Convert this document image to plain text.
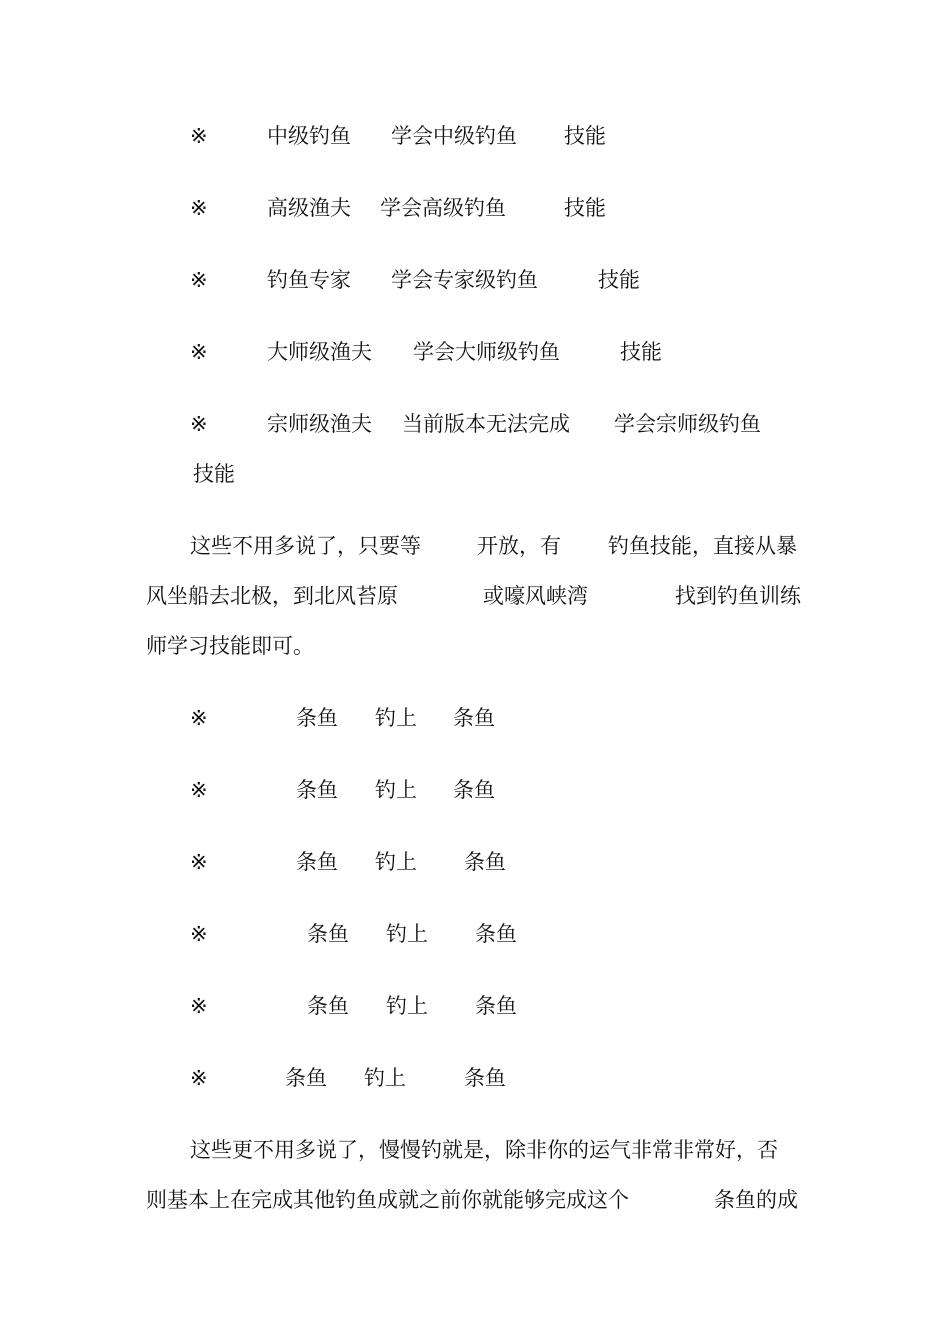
※	中级钓鱼 学会中级钓鱼 技能
※	高级渔夫 学会高级钓鱼	技能
※	钓鱼专家 学会专家级钓鱼	技能
※	大师级渔夫 学会大师级钓鱼	技能
※	宗师级渔夫 当前版本无法完成 学会宗师级钓鱼
技能
这些不用多说了，只要等	开放，有 钓鱼技能，直接从暴
风坐船去北极，到北风苔原	或嚎风峡湾	找到钓鱼训练
师学习技能即可。
※	条鱼 钓上 条鱼
※	条鱼 钓上 条鱼
※	条鱼 钓上 条鱼
※	条鱼 钓上 条鱼
※	条鱼 钓上 条鱼
※	条鱼 钓上	条鱼
这些更不用多说了，慢慢钓就是，除非你的运气非常非常好，否
则基本上在完成其他钓鱼成就之前你就能够完成这个	条鱼的成
